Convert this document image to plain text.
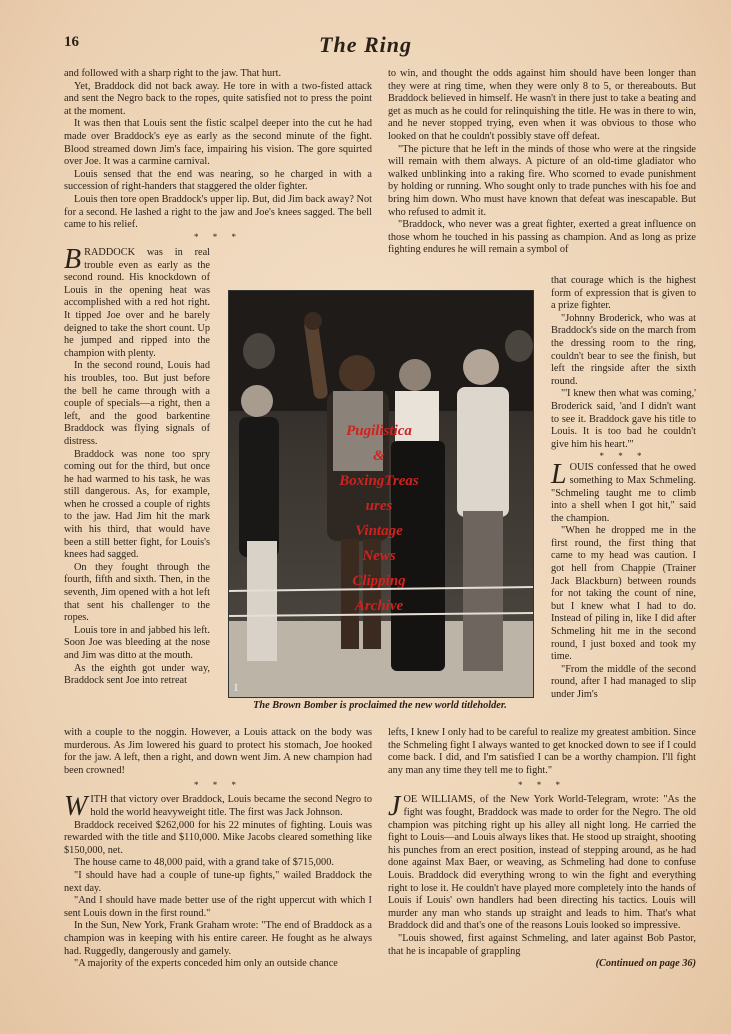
16	The Ring

and followed with a sharp right to the jaw. That hurt.

Yet, Braddock did not back away. He tore in with a two-fisted attack and sent the Negro back to the ropes, quite satisfied not to press the point at the moment.

It was then that Louis sent the fistic scalpel deeper into the cut he had made over Braddock's eye as early as the second minute of the fight. Blood streamed down Jim's face, impairing his vision. The gore squirted over Joe. It was a carmine carnival.

Louis sensed that the end was nearing, so he charged in with a succession of right-handers that staggered the older fighter.

Louis then tore open Braddock's upper lip. But, did Jim back away? Not for a second. He lashed a right to the jaw and Joe's knees sagged. The bell came to his relief.

* * *

BRADDOCK was in real trouble even as early as the second round. His knockdown of Louis in the opening heat was accomplished with a red hot right. It tipped Joe over and he barely deigned to take the short count. Up he jumped and ripped into the champion with plenty.

In the second round, Louis had his troubles, too. But just before the bell he came through with a couple of specials—a right, then a left, and the good barkentine Braddock was flying signals of distress.

Braddock was none too spry coming out for the third, but once he had warmed to his task, he was still dangerous. As, for example, when he crossed a couple of rights to the jaw. Had Jim hit the mark with his third, that would have been a still better fight, for Louis's knees had sagged.

On they fought through the fourth, fifth and sixth. Then, in the seventh, Jim opened with a hot left that sent his challenger to the ropes.

Louis tore in and jabbed his left. Soon Joe was bleeding at the nose and Jim was ditto at the mouth.

As the eighth got under way, Braddock sent Joe into retreat

with a couple to the noggin. However, a Louis attack on the body was murderous. As Jim lowered his guard to protect his stomach, Joe hooked for the jaw. A left, then a right, and down went Jim. A new champion had been crowned!

* * *

WITH that victory over Braddock, Louis became the second Negro to hold the world heavyweight title. The first was Jack Johnson.

Braddock received $262,000 for his 22 minutes of fighting. Louis was rewarded with the title and $110,000. Mike Jacobs cleared something like $150,000, net.

The house came to 48,000 paid, with a grand take of $715,000.

"I should have had a couple of tune-up fights," wailed Braddock the next day.

"And I should have made better use of the right uppercut with which I sent Louis down in the first round."

In the Sun, New York, Frank Graham wrote: "The end of Braddock as a champion was in keeping with his entire career. He fought as he always had. Ruggedly, dangerously and gamely.

"A majority of the experts conceded him only an outside chance

to win, and thought the odds against him should have been longer than they were at ring time, when they were only 8 to 5, or thereabouts. But Braddock believed in himself. He wasn't in there just to take a beating and get as much as he could for relinquishing the title. He was in there to win, and he never stopped trying, even when it was obvious to those who looked on that he couldn't possibly stave off defeat.

"The picture that he left in the minds of those who were at the ringside will remain with them always. A picture of an old-time gladiator who walked unblinking into a raking fire. Who scorned to evade punishment by holding or running. Who sought only to trade punches with his foe and bring him down. Who must have known that defeat was inescapable. But who refused to admit it.

"Braddock, who never was a great fighter, exerted a great influence on those whom he touched in his passing as champion. And as long as prize fighting endures he will remain a symbol of

that courage which is the highest form of expression that is given to a prize fighter.

"Johnny Broderick, who was at Braddock's side on the march from the dressing room to the ring, couldn't bear to see the finish, but left the ringside after the sixth round.

"'I knew then what was coming,' Broderick said, 'and I didn't want to see it. Braddock gave his title to Louis. It is too bad he couldn't give him his heart.'"

* * *

LOUIS confessed that he owed something to Max Schmeling. "Schmeling taught me to climb into a shell when I got hit," said the champion.

"When he dropped me in the first round, the first thing that came to my head was caution. I got hell from Chappie (Trainer Jack Blackburn) between rounds for not taking the count of nine, but I knew what I had to do. Instead of piling in, like I did after Schmeling hit me in the second round, I just boxed and took my time.

"From the middle of the second round, after I had managed to slip under Jim's

lefts, I knew I only had to be careful to realize my greatest ambition. Since the Schmeling fight I always wanted to get knocked down to see if I could come back. I did, and I'm satisfied I can be a worthy champion. I'll fight any man any time they tell me to fight."

* * *

JOE WILLIAMS, of the New York World-Telegram, wrote: "As the fight was fought, Braddock was made to order for the Negro. The old champion was pitching right up his alley all night long. He carried the fight to Louis—and Louis always likes that. He stood up straight, shooting his punches from an erect position, instead of stepping around, as he had done against Max Baer, or weaving, as Schmeling had done to confuse Louis. Braddock did everything wrong to win the fight and everything right to lose it. He couldn't have played more completely into the hands of Louis if Louis' own handlers had been directing his tactics. Louis will murder any man who stands up straight and leads to him. That's what Braddock did and that's one of the reasons Louis looked so impressive.

"Louis showed, first against Schmeling, and later against Bob Pastor, that he is incapable of grappling

(Continued on page 36)

1
Pugilistica
&
BoxingTreas
ures
Vintage
News
Clipping
Archive
The Brown Bomber is proclaimed the new world titleholder.
